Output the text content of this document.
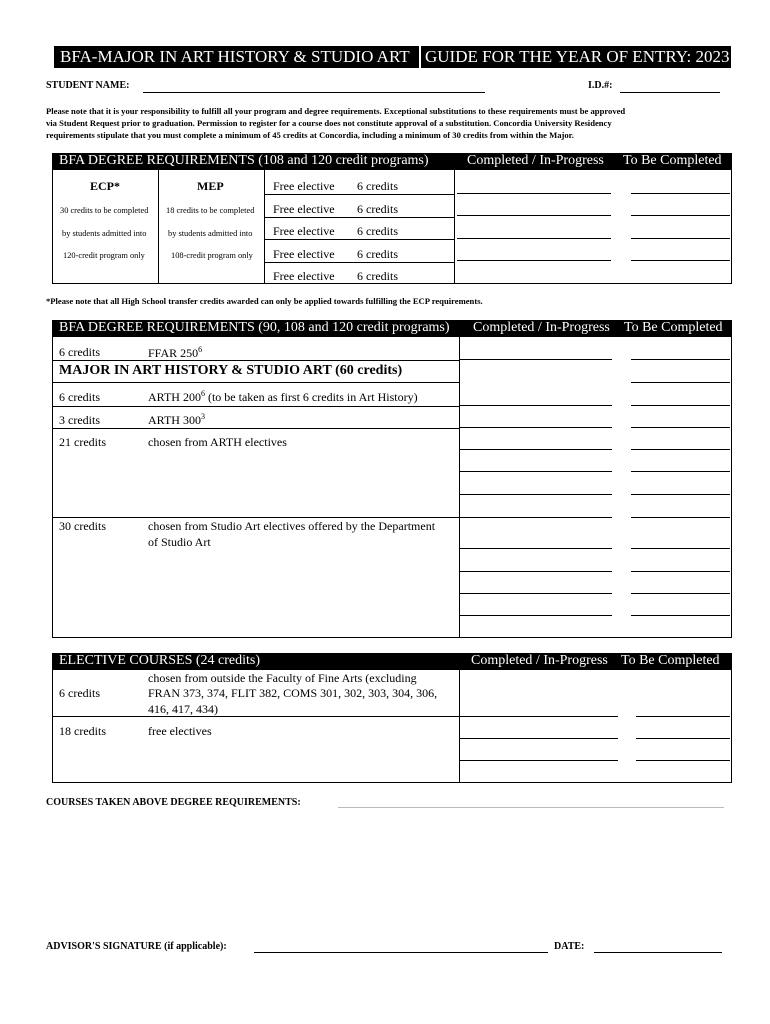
BFA-MAJOR IN ART HISTORY & STUDIO ART GUIDE FOR THE YEAR OF ENTRY: 2023
STUDENT NAME:	I.D.#:
Please note that it is your responsibility to fulfill all your program and degree requirements. Exceptional substitutions to these requirements must be approved
via Student Request prior to graduation. Permission to register for a course does not constitute approval of a substitution. Concordia University Residency
requirements stipulate that you must complete a minimum of 45 credits at Concordia, including a minimum of 30 credits from within the Major.
BFA DEGREE REQUIREMENTS (108 and 120 credit programs)	Completed / In-Progress To Be Completed
ECP*
30 credits to be completed
by students admitted into
120-credit program only
MEP
18 credits to be completed
by students admitted into
108-credit program only
Free elective 6 credits
Free elective 6 credits
Free elective 6 credits
Free elective 6 credits
Free elective 6 credits
*Please note that all High School transfer credits awarded can only be applied towards fulfilling the ECP requirements.
BFA DEGREE REQUIREMENTS (90, 108 and 120 credit programs) Completed / In-Progress To Be Completed
6 credits	FFAR $250^6$
MAJOR IN ART HISTORY & STUDIO ART (60 credits)
6 credits	ARTH $200^6$ (to be taken as first 6 credits in Art History)
3 credits	ARTH $300^3$
21 credits	chosen from ARTH electives
30 credits	chosen from Studio Art electives offered by the Department
of Studio Art
ELECTIVE COURSES (24 credits)	Completed / In-Progress To Be Completed
6 credits
chosen from outside the Faculty of Fine Arts (excluding
FRAN 373, 374, FLIT 382, COMS 301, 302, 303, 304, 306,
416, 417, 434)
18 credits	free electives
COURSES TAKEN ABOVE DEGREE REQUIREMENTS:
ADVISOR'S SIGNATURE (if applicable):	DATE:
